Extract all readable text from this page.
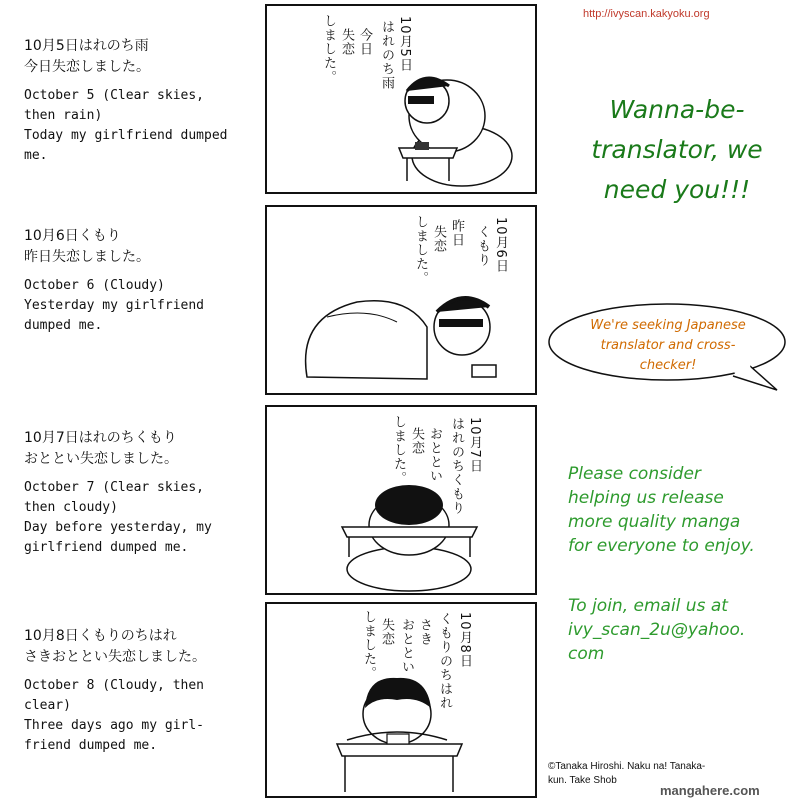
http://ivyscan.kakyoku.org

10月5日はれのち雨
今日失恋しました。

October 5 (Clear skies,
then rain)
Today my girlfriend dumped
me.

10月6日くもり
昨日失恋しました。

October 6 (Cloudy)
Yesterday my girlfriend
dumped me.

10月7日はれのちくもり
おととい失恋しました。

October 7 (Clear skies,
then cloudy)
Day before yesterday, my
girlfriend dumped me.

10月8日くもりのちはれ
さきおととい失恋しました。

October 8 (Cloudy, then
clear)
Three days ago my girl-
friend dumped me.

10月5日
はれのち雨
今日
失恋
しました。
10月6日
くもり
昨日
失恋
しました。
10月7日
はれのちくもり
おととい
失恋
しました。
10月8日
くもりのちはれ
さき
おととい
失恋
しました。
Wanna-be-
translator, we
need you!!!
We're seeking Japanese
translator and cross-
checker!
Please consider
helping us release
more quality manga
for everyone to enjoy.
To join, email us at
ivy_scan_2u@yahoo.
com
©Tanaka Hiroshi. Naku na! Tanaka-
kun. Take Shob
mangahere.com
